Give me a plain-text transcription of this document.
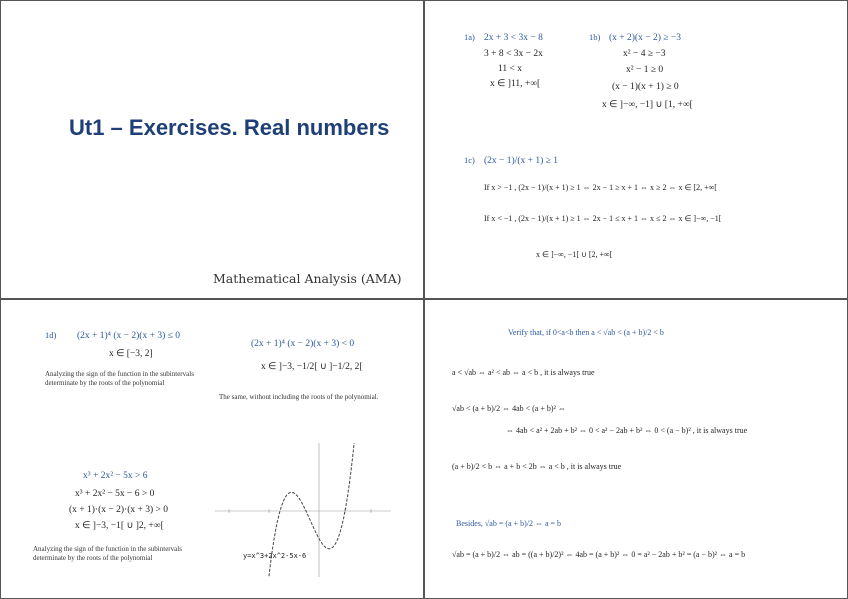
Ut1 – Exercises. Real numbers
Mathematical Analysis (AMA)
1a) 2x + 3 < 3x − 8
3 + 8 < 3x − 2x
11 < x
x ∈ ]11, +∞[
1b) (x + 2)(x − 2) ≥ −3
x² − 4 ≥ −3
x² − 1 ≥ 0
(x − 1)(x + 1) ≥ 0
x ∈ ]−∞, −1] ∪ [1, +∞[
1c) (2x − 1)/(x + 1) ≥ 1
If x > −1 , (2x − 1)/(x + 1) ≥ 1 ⇔ 2x − 1 ≥ x + 1 ⇔ x ≥ 2 ⇔ x ∈ [2, +∞[
If x < −1 , (2x − 1)/(x + 1) ≥ 1 ⇔ 2x − 1 ≤ x + 1 ⇔ x ≤ 2 ⇔ x ∈ ]−∞, −1[
x ∈ ]−∞, −1[ ∪ [2, +∞[
1d) (2x + 1)⁴ (x − 2)(x + 3) ≤ 0
x ∈ [−3, 2]
Analyzing the sign of the function in the subintervals determinate by the roots of the polynomial
(2x + 1)⁴ (x − 2)(x + 3) < 0
x ∈ ]−3, −1/2[ ∪ ]−1/2, 2[
The same, without including the roots of the polynomial.
x³ + 2x² − 5x > 6
x³ + 2x² − 5x − 6 > 0
(x + 1)·(x − 2)·(x + 3) > 0
x ∈ ]−3, −1[ ∪ ]2, +∞[
Analyzing the sign of the function in the subintervals determinate by the roots of the polynomial	y=x^3+2x^2-5x-6
Verify that, if 0<a<b then a < √ab < (a + b)/2 < b
a < √ab ⇔ a² < ab ⇔ a < b , it is always true
√ab < (a + b)/2 ⇔ 4ab < (a + b)² ⇔
⇔ 4ab < a² + 2ab + b² ⇔ 0 < a² − 2ab + b² ⇔ 0 < (a − b)² , it is always true
(a + b)/2 < b ⇔ a + b < 2b ⇔ a < b , it is always true
Besides, √ab = (a + b)/2 ⇔ a = b
√ab = (a + b)/2 ⇔ ab = ((a + b)/2)² ⇔ 4ab = (a + b)² ⇔ 0 = a² − 2ab + b² = (a − b)² ⇔ a = b
